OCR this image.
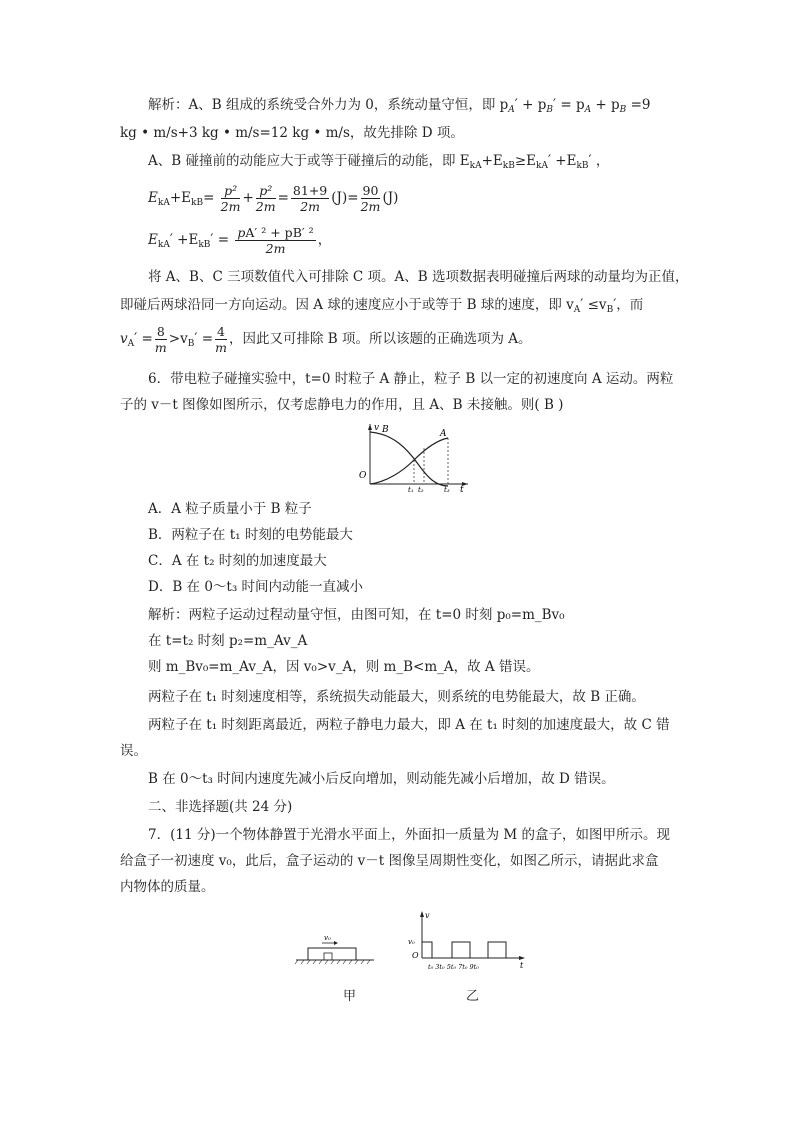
解析：A、B 组成的系统受合外力为 0，系统动量守恒，即 $p_A' + p_B' = p_A + p_B =9$
kg • m/s+3 kg • m/s=12 kg • m/s，故先排除 D 项。
A、B 碰撞前的动能应大于或等于碰撞后的动能，即 $E_{kA}+E_{kB}\ge E_{kA}' +E_{kB}'$ ，
$E_{kA}+E_{kB}= \frac{\text{p²}}{2m} + \frac{\text{p²}}{2m} = \frac{81+9}{2m} (J)= \frac{90}{2m} (J)$
$E_{kA}' +E_{kB}' = \frac{\text{pA′ ² + pB′ ²}}{2m}$ ，
将 A、B、C 三项数值代入可排除 C 项。A、B 选项数据表明碰撞后两球的动量均为正值，
即碰后两球沿同一方向运动。因 A 球的速度应小于或等于 B 球的速度，即 $v_A' \le v_B'$，而
$v_A' = \frac{8}{m} >v_B' = \frac{4}{m}$ ，因此又可排除 B 项。所以该题的正确选项为 A。
6．带电粒子碰撞实验中，t=0 时粒子 A 静止，粒子 B 以一定的初速度向 A 运动。两粒
子的 v－t 图像如图所示，仅考虑静电力的作用，且 A、B 未接触。则( B )
v B	A
O
t
t₁ t₂	t₃
A．A 粒子质量小于 B 粒子
B．两粒子在 t₁ 时刻的电势能最大
C．A 在 t₂ 时刻的加速度最大
D．B 在 0～t₃ 时间内动能一直减小
解析：两粒子运动过程动量守恒，由图可知，在 t=0 时刻 p₀=m_Bv₀
在 t=t₂ 时刻 p₂=m_Av_A
则 m_Bv₀=m_Av_A，因 v₀>v_A，则 m_B<m_A，故 A 错误。
两粒子在 t₁ 时刻速度相等，系统损失动能最大，则系统的电势能最大，故 B 正确。
两粒子在 t₁ 时刻距离最近，两粒子静电力最大，即 A 在 t₁ 时刻的加速度最大，故 C 错
误。
B 在 0～t₃ 时间内速度先减小后反向增加，则动能先减小后增加，故 D 错误。
二、非选择题(共 24 分)
7．(11 分)一个物体静置于光滑水平面上，外面扣一质量为 M 的盒子，如图甲所示。现
给盒子一初速度 v₀，此后，盒子运动的 v－t 图像呈周期性变化，如图乙所示，请据此求盒
内物体的质量。
v₀
甲
v
v₀
O
t
t₀ 3t₀ 5t₀ 7t₀ 9t₀
乙
